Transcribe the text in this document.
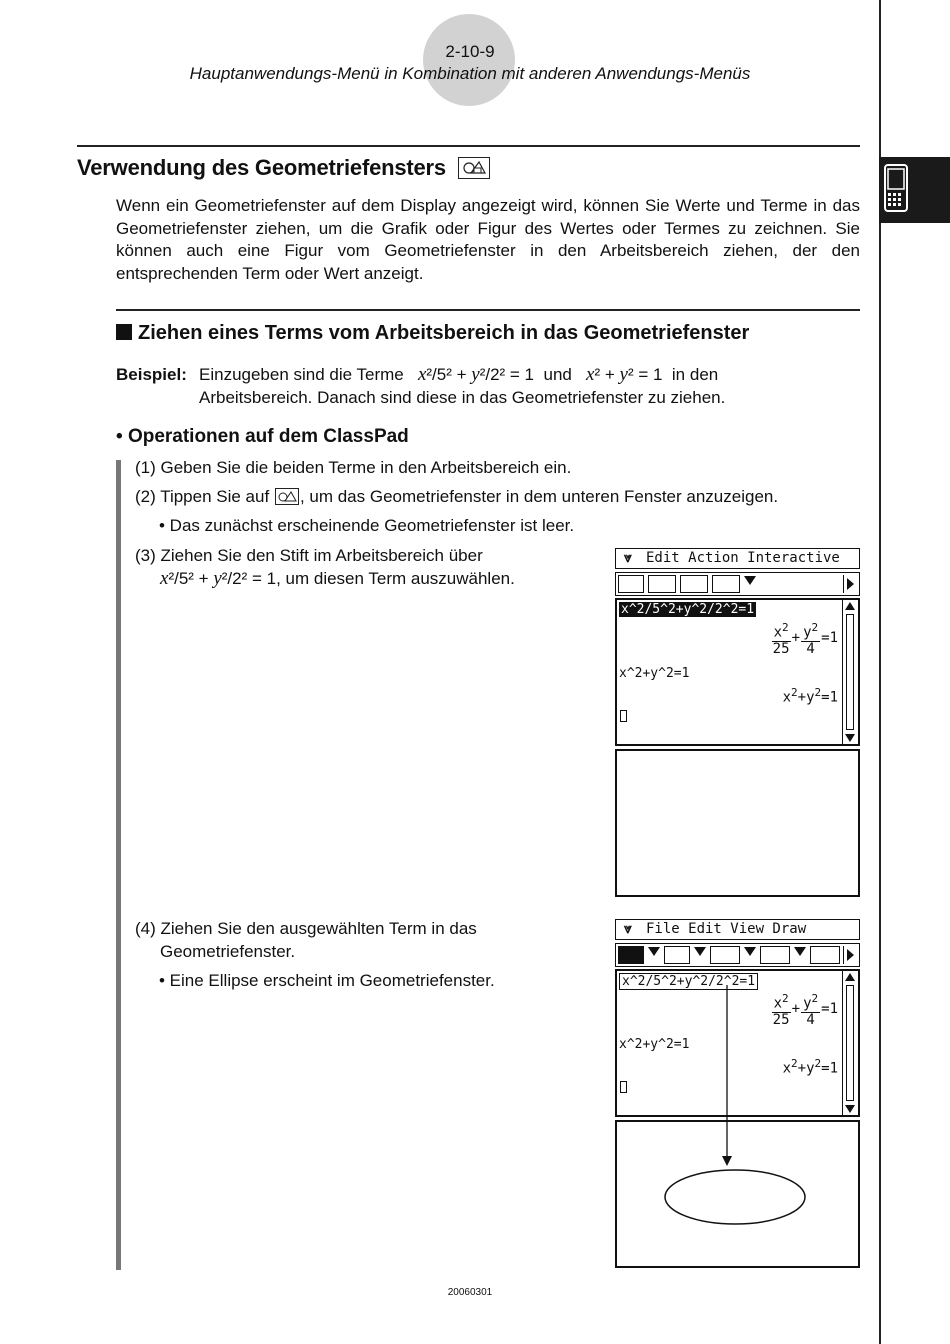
2-10-9
Hauptanwendungs-Menü in Kombination mit anderen Anwendungs-Menüs
Verwendung des Geometriefensters
Wenn ein Geometriefenster auf dem Display angezeigt wird, können Sie Werte und Terme in das Geometriefenster ziehen, um die Grafik oder Figur des Wertes oder Termes zu zeichnen. Sie können auch eine Figur vom Geometriefenster in den Arbeitsbereich ziehen, der den entsprechenden Term oder Wert anzeigt.
Ziehen eines Terms vom Arbeitsbereich in das Geometriefenster
Beispiel: Einzugeben sind die Terme x²/5² + y²/2² = 1 und x² + y² = 1 in den
Arbeitsbereich. Danach sind diese in das Geometriefenster zu ziehen.
• Operationen auf dem ClassPad
(1) Geben Sie die beiden Terme in den Arbeitsbereich ein.
(2) Tippen Sie auf , um das Geometriefenster in dem unteren Fenster anzuzeigen.
• Das zunächst erscheinende Geometriefenster ist leer.
(3) Ziehen Sie den Stift im Arbeitsbereich über
x²/5² + y²/2² = 1, um diesen Term auszuwählen.
(4) Ziehen Sie den ausgewählten Term in das
Geometriefenster.
• Eine Ellipse erscheint im Geometriefenster.
⩔ Edit Action Interactive
x^2/5^2+y^2/2^2=1
$\frac{x^2}{25} + \frac{y^2}{4} =1$
x^2+y^2=1
$x^2+y^2=1$
⩔ File Edit View Draw
x^2/5^2+y^2/2^2=1
$\frac{x^2}{25} + \frac{y^2}{4} =1$
x^2+y^2=1
$x^2+y^2=1$
20060301
